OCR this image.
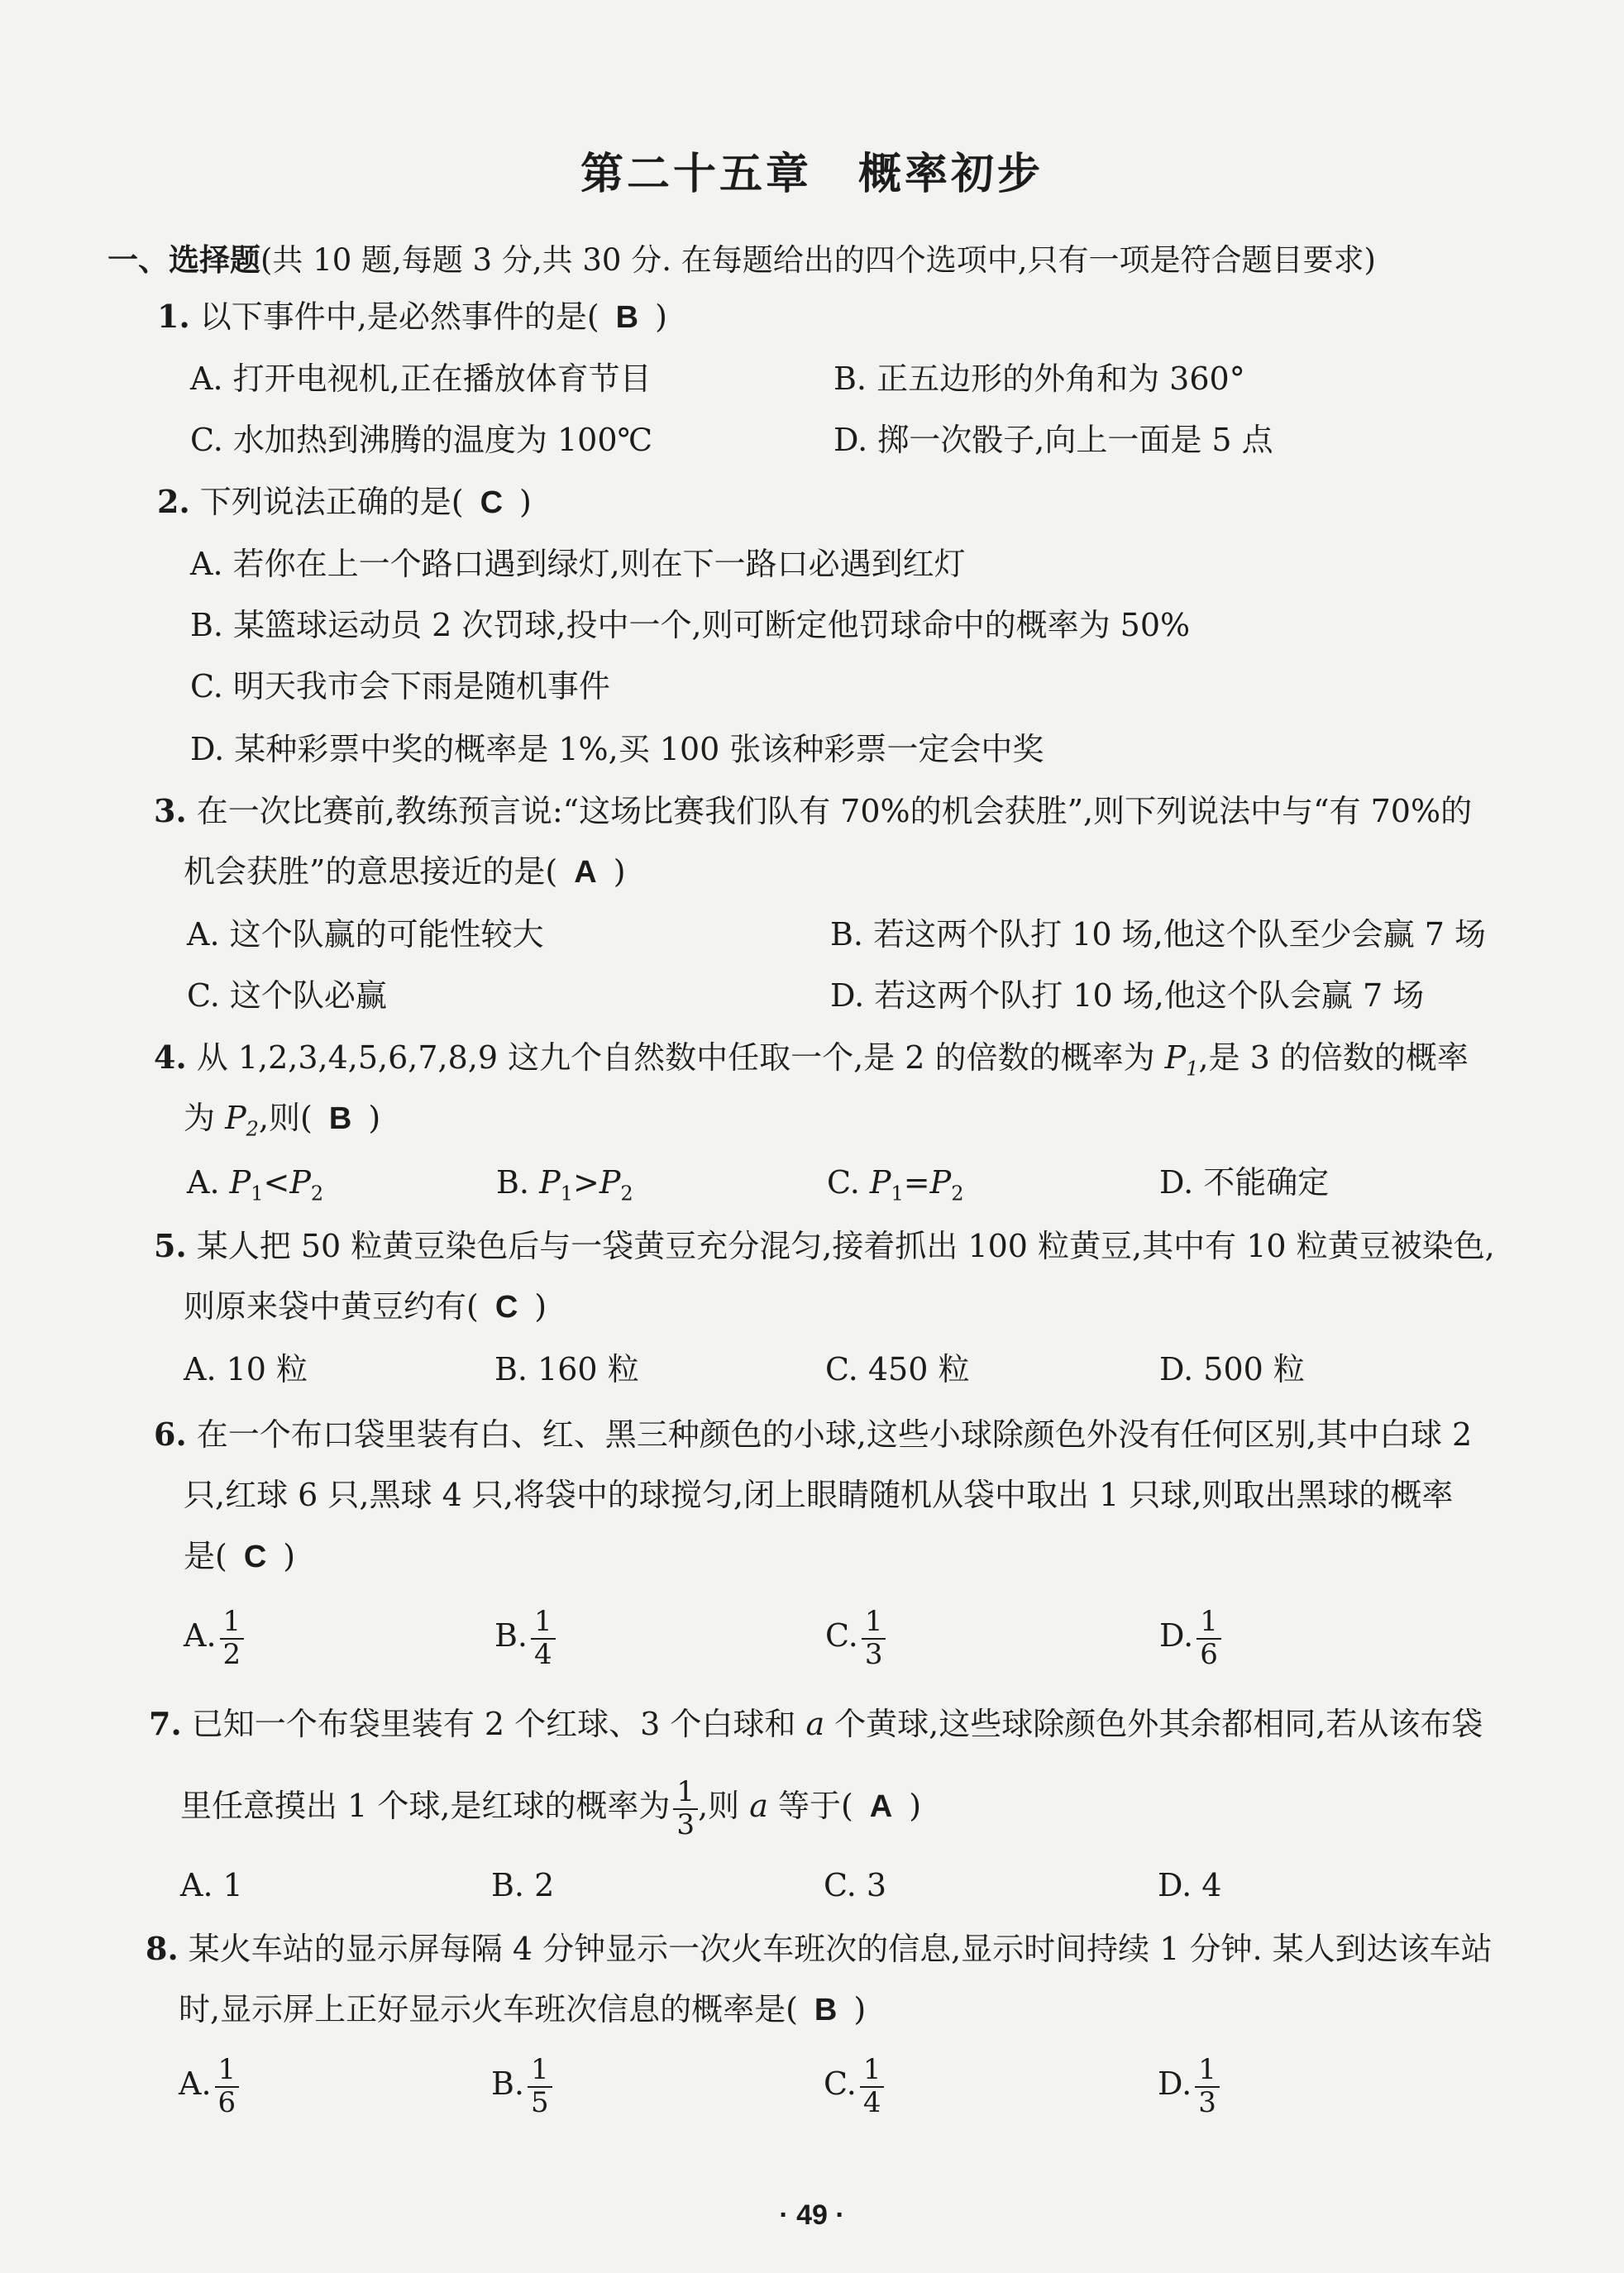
第二十五章　概率初步
一、选择题(共 10 题,每题 3 分,共 30 分. 在每题给出的四个选项中,只有一项是符合题目要求)
1. 以下事件中,是必然事件的是( B )
A. 打开电视机,正在播放体育节目	B. 正五边形的外角和为 360°
C. 水加热到沸腾的温度为 100℃	D. 掷一次骰子,向上一面是 5 点
2. 下列说法正确的是( C )
A. 若你在上一个路口遇到绿灯,则在下一路口必遇到红灯
B. 某篮球运动员 2 次罚球,投中一个,则可断定他罚球命中的概率为 50%
C. 明天我市会下雨是随机事件
D. 某种彩票中奖的概率是 1%,买 100 张该种彩票一定会中奖
3. 在一次比赛前,教练预言说:“这场比赛我们队有 70%的机会获胜”,则下列说法中与“有 70%的
机会获胜”的意思接近的是( A )
A. 这个队赢的可能性较大	B. 若这两个队打 10 场,他这个队至少会赢 7 场
C. 这个队必赢	D. 若这两个队打 10 场,他这个队会赢 7 场
4. 从 1,2,3,4,5,6,7,8,9 这九个自然数中任取一个,是 2 的倍数的概率为 $P_1$,是 3 的倍数的概率
为 $P_2$,则( B )
A. $P_1<P_2$	B. $P_1>P_2$	C. $P_1=P_2$	D. 不能确定
5. 某人把 50 粒黄豆染色后与一袋黄豆充分混匀,接着抓出 100 粒黄豆,其中有 10 粒黄豆被染色,
则原来袋中黄豆约有( C )
A. 10 粒	B. 160 粒	C. 450 粒	D. 500 粒
6. 在一个布口袋里装有白、红、黑三种颜色的小球,这些小球除颜色外没有任何区别,其中白球 2
只,红球 6 只,黑球 4 只,将袋中的球搅匀,闭上眼睛随机从袋中取出 1 只球,则取出黑球的概率
是( C )
A. $\frac{1}{2}$	B. $\frac{1}{4}$	C. $\frac{1}{3}$	D. $\frac{1}{6}$
7. 已知一个布袋里装有 2 个红球、3 个白球和 a 个黄球,这些球除颜色外其余都相同,若从该布袋
里任意摸出 1 个球,是红球的概率为 $\frac{1}{3}$ ,则 a 等于( A )
A. 1	B. 2	C. 3	D. 4
8. 某火车站的显示屏每隔 4 分钟显示一次火车班次的信息,显示时间持续 1 分钟. 某人到达该车站
时,显示屏上正好显示火车班次信息的概率是( B )
A. $\frac{1}{6}$	B. $\frac{1}{5}$	C. $\frac{1}{4}$	D. $\frac{1}{3}$
· 49 ·
